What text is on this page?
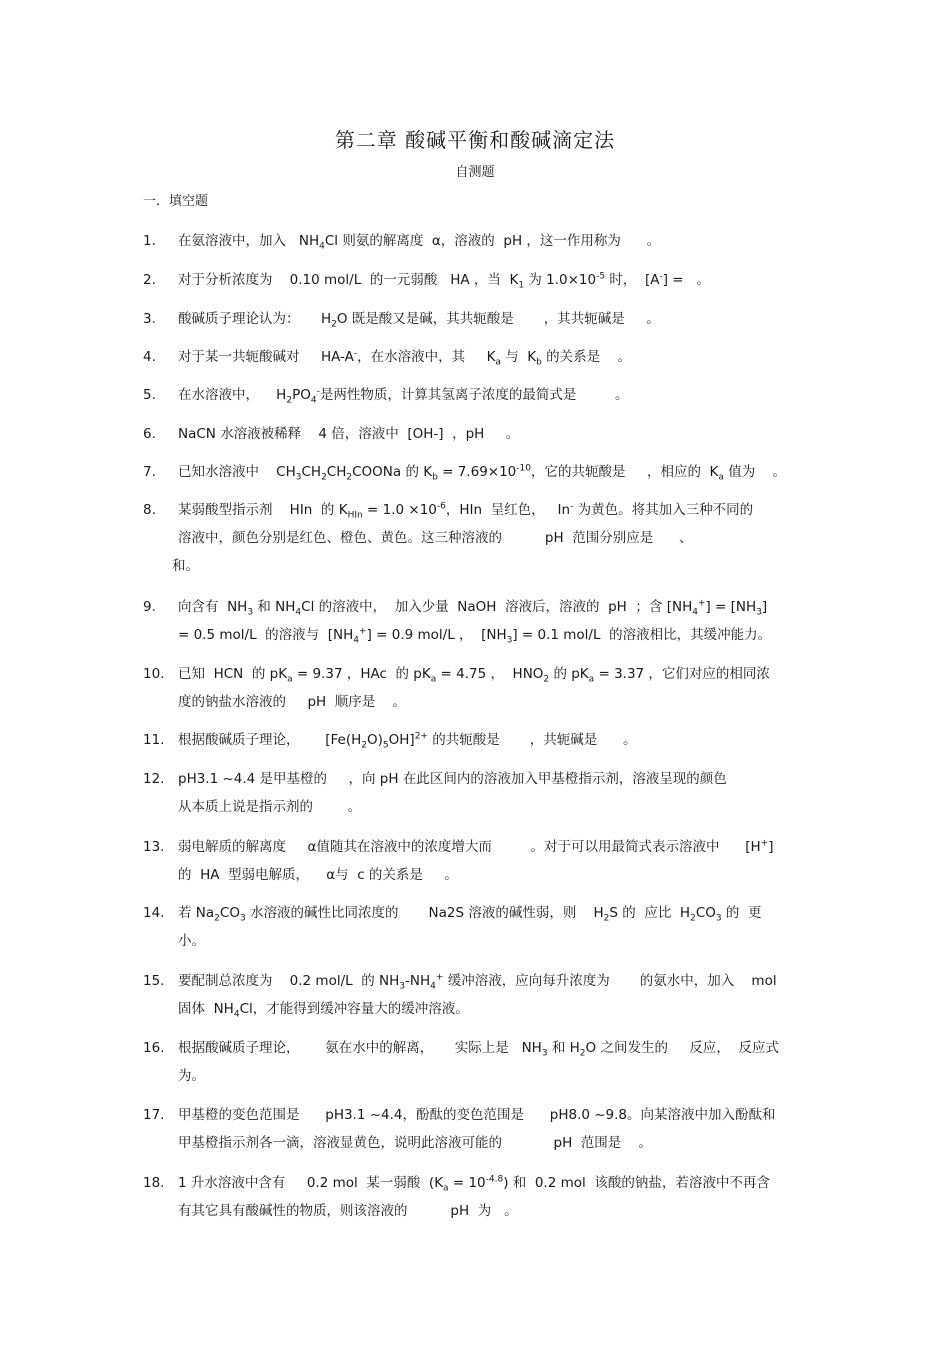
第二章 酸碱平衡和酸碱滴定法
自测题
一．填空题
1.	在氨溶液中，加入   $NH_4Cl$ 则氨的解离度  α，溶液的  pH ，这一作用称为      。
2.	对于分析浓度为    0.10 mol/L  的一元弱酸   HA ，当  $K_1$ 为 $1.0\times 10^{-5}$ 时，  [A-] =   。
3.	酸碱质子理论认为：     $H_2O$ 既是酸又是碱，其共轭酸是       ，其共轭碱是     。
4.	对于某一共轭酸碱对     HA-A-，在水溶液中，其     $K_a$ 与  $K_b$ 的关系是    。
5.	在水溶液中，    $H_2PO_4^-$是两性物质，计算其氢离子浓度的最简式是         。
6.	NaCN 水溶液被稀释    4 倍，溶液中  [OH-]  ，pH     。
7.	已知水溶液中    $CH_3CH_2CH_2COONa$ 的 $K_b = 7.69\times 10^{-10}$，它的共轭酸是     ，相应的  $K_a$ 值为    。
8.	某弱酸型指示剂    HIn  的 $K_{HIn} = 1.0 \times 10^{-6}$，HIn  呈红色，   In- 为黄色。将其加入三种不同的
溶液中，颜色分别是红色、橙色、黄色。这三种溶液的          pH  范围分别应是      、
和。
9.	向含有  $NH_3$ 和 $NH_4Cl$ 的溶液中，  加入少量  NaOH  溶液后，溶液的  pH  ；含 $[NH_4^+] = [NH_3]$
= 0.5 mol/L  的溶液与  $[NH_4^+] = 0.9$ mol/L ，  $[NH_3] = 0.1$ mol/L  的溶液相比，其缓冲能力。
10.	已知  HCN  的 $pK_a = 9.37$ ，HAc  的 $pK_a = 4.75$ ，  $HNO_2$ 的 $pK_a = 3.37$ ，它们对应的相同浓
度的钠盐水溶液的     pH  顺序是    。
11.	根据酸碱质子理论，      $[Fe(H_2O)_5OH]^{2+}$ 的共轭酸是       ，共轭碱是      。
12.	pH3.1 ~4.4 是甲基橙的     ，向 pH 在此区间内的溶液加入甲基橙指示剂，溶液呈现的颜色
从本质上说是指示剂的        。
13.	弱电解质的解离度     α值随其在溶液中的浓度增大而         。对于可以用最简式表示溶液中      [H+]
的  HA  型弱电解质，    α与  c 的关系是     。
14.	若 $Na_2CO_3$ 水溶液的碱性比同浓度的       Na2S 溶液的碱性弱，则    $H_2S$ 的  应比  $H_2CO_3$ 的  更
小。
15.	要配制总浓度为    0.2 mol/L  的 $NH_3-NH_4^+$ 缓冲溶液，应向每升浓度为       的氨水中，加入    mol
固体  $NH_4Cl$，才能得到缓冲容量大的缓冲溶液。
16.	根据酸碱质子理论，      氨在水中的解离，     实际上是   $NH_3$ 和 $H_2O$ 之间发生的     反应，  反应式
为。
17.	甲基橙的变色范围是      pH3.1 ~4.4，酚酞的变色范围是      pH8.0 ~9.8。向某溶液中加入酚酞和
甲基橙指示剂各一滴，溶液显黄色，说明此溶液可能的            pH  范围是    。
18.	1 升水溶液中含有     0.2 mol  某一弱酸  $(K_a = 10^{-4.8})$ 和  0.2 mol  该酸的钠盐，若溶液中不再含
有其它具有酸碱性的物质，则该溶液的          pH  为   。
